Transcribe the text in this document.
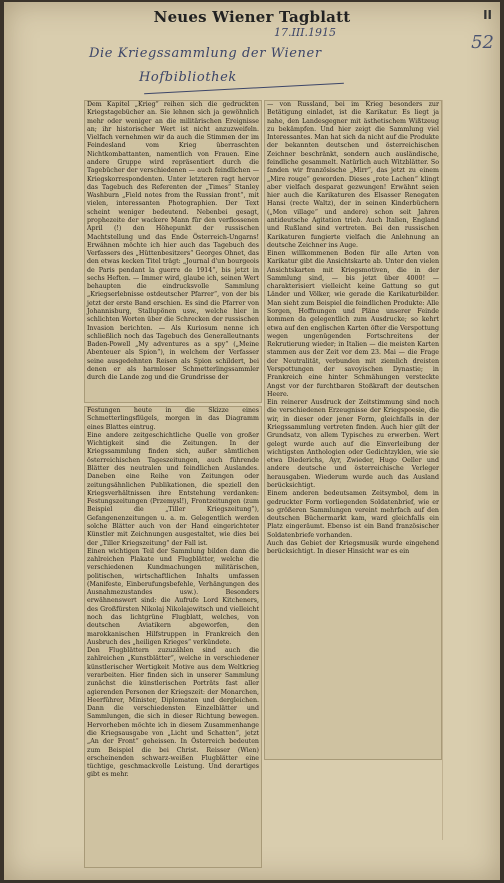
Neues Wiener Tagblatt	II
52
17.III.1915
Die Kriegssammlung der Wiener
Hofbibliothek

Dem Kapitel „Krieg“ reihen sich die gedruckten Kriegstagebücher an. Sie lehnen sich ja gewöhnlich mehr oder weniger an die militärischen Ereignisse an; ihr historischer Wert ist nicht anzuzweifeln. Vielfach vernehmen wir da auch die Stimmen der im Feindesland vom Krieg überraschten Nichtkombattanten, namentlich von Frauen. Eine andere Gruppe wird repräsentiert durch die Tagebücher der verschiedenen — auch feindlichen — Kriegskorrespondenten. Unter letzteren ragt hervor das Tagebuch des Referenten der „Times“ Stanley Washburn „Field notes from the Russian front“, mit vielen, interessanten Photographien. Der Text scheint weniger bedeutend. Nebenbei gesagt, prophezeite der wackere Mann für den verflossenen April (!) den Höhepunkt der russischen Machtstellung und das Ende Österreich-Ungarns! Erwähnen möchte ich hier auch das Tagebuch des Verfassers des „Hüttenbesitzers“ Georges Ohnet, das den etwas kecken Titel trägt: „Journal d'un bourgeois de Paris pendant la guerre de 1914“, bis jetzt in sechs Heften. — Immer wird, glaube ich, seinen Wert behaupten die eindrucksvolle Sammlung „Kriegserlebnisse ostdeutscher Pfarrer“, von der bis jetzt der erste Band erschien. Es sind die Pfarrer von Johannisburg, Stallupönen usw., welche hier in schlichten Worten über die Schrecken der russischen Invasion berichten. — Als Kuriosum nenne ich schließlich noch das Tagebuch des Generalleutnants Baden-Powell „My adventures as a spy“ („Meine Abenteuer als Spion“), in welchem der Verfasser seine ausgedehnten Reisen als Spion schildert, bei denen er als harmloser Schmetterlingssammler durch die Lande zog und die Grundrisse der

Festungen heute in die Skizze eines Schmetterlingsflügels, morgen in das Diagramm eines Blattes eintrug.

Eine andere zeitgeschichtliche Quelle von großer Wichtigkeit sind die Zeitungen. In der Kriegssammlung finden sich, außer sämtlichen österreichischen Tageszeitungen, auch führende Blätter des neutralen und feindlichen Auslandes. Daneben eine Reihe von Zeitungen oder zeitungsähnlichen Publikationen, die speziell den Kriegsverhältnissen ihre Entstehung verdanken: Festungszeitungen (Przemysl!), Frontzeitungen (zum Beispiel die „Tiller Kriegszeitung“), Gefangenenzeitungen u. a. m. Gelegentlich werden solche Blätter auch von der Hand eingerichteter Künstler mit Zeichnungen ausgestaltet, wie dies bei der „Tiller Kriegszeitung“ der Fall ist.

Einen wichtigen Teil der Sammlung bilden dann die zahlreichen Plakate und Flugblätter, welche die verschiedenen Kundmachungen militärischen, politischen, wirtschaftlichen Inhalts umfassen (Manifeste, Einberufungsbefehle, Verhängungen des Ausnahmezustandes usw.). Besonders erwähnenswert sind: die Aufrufe Lord Kitcheners, des Großfürsten Nikolaj Nikolajewitsch und vielleicht noch das lichtgrüne Flugblatt, welches, von deutschen Aviatikern abgeworfen, den marokkanischen Hilfstruppen in Frankreich den Ausbruch des „heiligen Krieges“ verkündete.

Den Flugblättern zuzuzählen sind auch die zahlreichen „Kunstblätter“, welche in verschiedener künstlerischer Wertigkeit Motive aus dem Weltkrieg verarbeiten. Hier finden sich in unserer Sammlung zunächst die künstlerischen Porträts fast aller agierenden Personen der Kriegszeit: der Monarchen, Heerführer, Minister, Diplomaten und dergleichen. Dann die verschiedensten Einzelblätter und Sammlungen, die sich in dieser Richtung bewegen. Hervorheben möchte ich in diesem Zusammenhange die Kriegsausgabe von „Licht und Schatten“, jetzt „An der Front“ geheissen. In Österreich bedeuten zum Beispiel die bei Christ. Reisser (Wien) erscheinenden schwarz-weißen Flugblätter eine tüchtige, geschmackvolle Leistung. Und derartiges gibt es mehr.

— von Russland, bei im Krieg besonders zur Betätigung einladet, ist die Karikatur. Es liegt ja nahe, den Landesgegner mit ästhetischem Wißtzeug zu bekämpfen. Und hier zeigt die Sammlung viel Interessantes. Man hat sich da nicht auf die Produkte der bekannten deutschen und österreichischen Zeichner beschränkt, sondern auch ausländische, feindliche gesammelt. Natürlich auch Witzblätter. So fanden wir französische „Mirr“, das jetzt zu einem „Mire rouge“ geworden. Dieses „rote Lachen“ klingt aber vielfach desparat gezwungen! Erwähnt seien hier auch die Karikaturen des Elsasser Renegaten Hansi (recte Waltz), der in seinen Kinderbüchern („Mon village“ und andere) schon seit Jahren antideutsche Agitation trieb. Auch Italien, England und Rußland sind vertreten. Bei den russischen Karikaturen fungierte vielfach die Anlehnung an deutsche Zeichner ins Auge.

Einen willkommenen Boden für alle Arten von Karikatur gibt die Ansichtskarte ab. Unter den vielen Ansichtskarten mit Kriegsmotiven, die in der Sammlung sind, — bis jetzt über 4000! — charakterisiert vielleicht keine Gattung so gut Länder und Völker, wie gerade die Karikaturbilder. Man sieht zum Beispiel die feindlichen Produkte: Alle Sorgen, Hoffnungen und Pläne unserer Feinde kommen da gelegentlich zum Ausdrucke; so kehrt etwa auf den englischen Karten öfter die Verspottung wegen ungenügenden Fortschreitens der Rekrutierung wieder; in Italien — die meisten Karten stammen aus der Zeit vor dem 23. Mai — die Frage der Neutralität, verbunden mit ziemlich dreisten Verspottungen der savoyischen Dynastie; in Frankreich eine hinter Schmähungen versteckte Angst vor der furchtbaren Stoßkraft der deutschen Heere.

Ein reinerer Ausdruck der Zeitstimmung sind noch die verschiedenen Erzeugnisse der Kriegspoesie, die wir, in dieser oder jener Form, gleichfalls in der Kriegssammlung vertreten finden. Auch hier gilt der Grundsatz, von allem Typisches zu erwerben. Wert gelegt wurde auch auf die Einverleibung der wichtigsten Anthologien oder Gedichtzyklen, wie sie etwa Diederichs, Ayr, Zwieder, Hugo Oeller und andere deutsche und österreichische Verleger herausgaben. Wiederum wurde auch das Ausland berücksichtigt.

Einem anderen bedeutsamen Zeitsymbol, dem in gedruckter Form vorliegenden Soldatenbrief, wie er so größeren Sammlungen vereint mehrfach auf den deutschen Büchermarkt kam, ward gleichfalls ein Platz eingeräumt. Ebenso ist ein Band französischer Soldatenbriefe vorhanden.

Auch das Gebiet der Kriegsmusik wurde eingehend berücksichtigt. In dieser Hinsicht war es ein
